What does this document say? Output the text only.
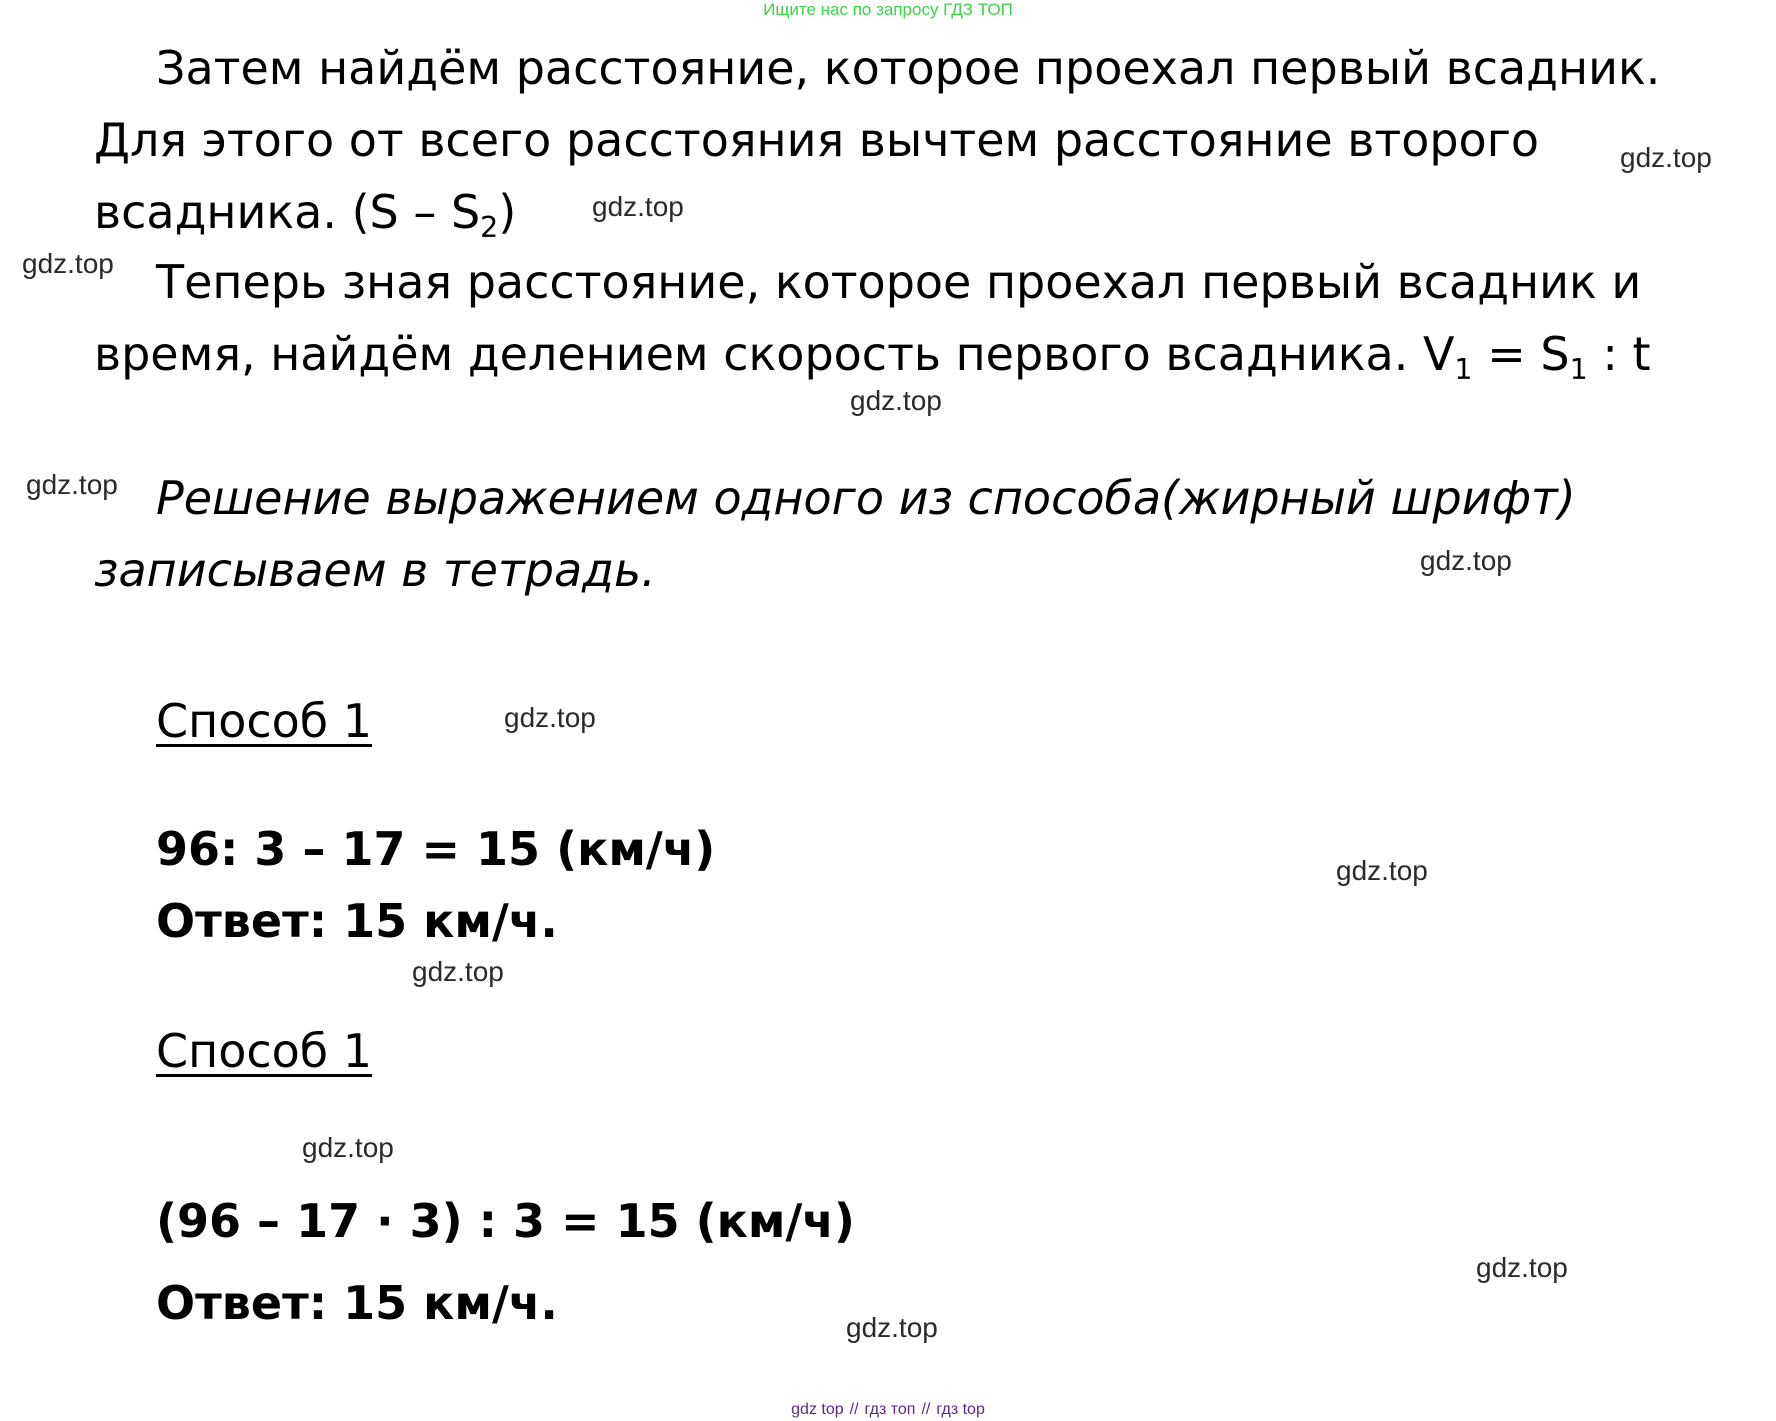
Ищите нас по запросу ГДЗ ТОП
Затем найдём расстояние, которое проехал первый всадник.
Для этого от всего расстояния вычтем расстояние второго
всадника. $(S - S_2)$
Теперь зная расстояние, которое проехал первый всадник и
время, найдём делением скорость первого всадника. $V_1 = S_1$ : t
Решение выражением одного из способа(жирный шрифт)
записываем в тетрадь.
Способ 1
96: 3 – 17 = 15 (км/ч)
Ответ: 15 км/ч.
Способ 1
(96 – 17 · 3) : 3 = 15 (км/ч)
Ответ: 15 км/ч.
gdz.top
gdz.top
gdz.top
gdz.top
gdz.top
gdz.top
gdz.top
gdz.top
gdz.top
gdz.top
gdz.top
gdz.top
gdz top // гдз топ // гдз top
